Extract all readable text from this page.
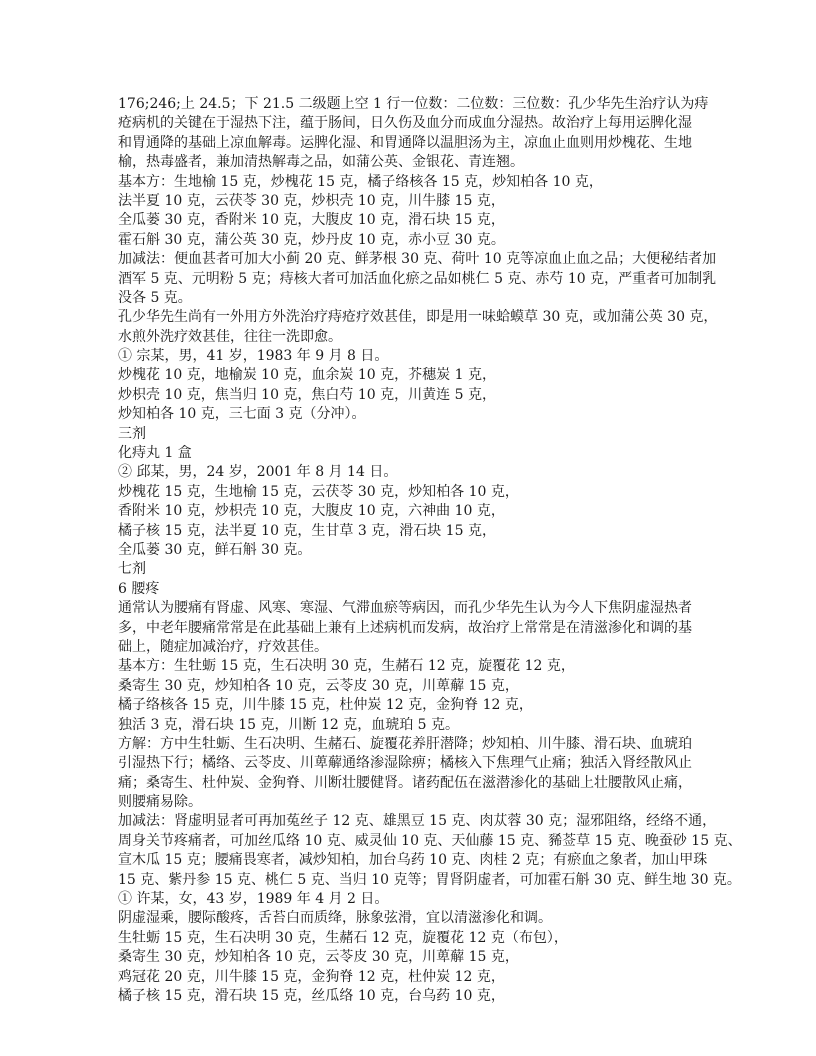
176;246;上 24.5；下 21.5 二级题上空 1 行一位数：二位数：三位数：孔少华先生治疗认为痔
疮病机的关键在于湿热下注，蕴于肠间，日久伤及血分而成血分湿热。故治疗上每用运脾化湿
和胃通降的基础上凉血解毒。运脾化湿、和胃通降以温胆汤为主，凉血止血则用炒槐花、生地
榆，热毒盛者，兼加清热解毒之品，如蒲公英、金银花、青连翘。
基本方：生地榆 15 克，炒槐花 15 克，橘子络核各 15 克，炒知柏各 10 克，
法半夏 10 克，云茯苓 30 克，炒枳壳 10 克，川牛膝 15 克，
全瓜蒌 30 克，香附米 10 克，大腹皮 10 克，滑石块 15 克，
霍石斛 30 克，蒲公英 30 克，炒丹皮 10 克，赤小豆 30 克。
加减法：便血甚者可加大小蓟 20 克、鲜茅根 30 克、荷叶 10 克等凉血止血之品；大便秘结者加
酒军 5 克、元明粉 5 克；痔核大者可加活血化瘀之品如桃仁 5 克、赤芍 10 克，严重者可加制乳
没各 5 克。
孔少华先生尚有一外用方外洗治疗痔疮疗效甚佳，即是用一味蛤蟆草 30 克，或加蒲公英 30 克，
水煎外洗疗效甚佳，往往一洗即愈。
① 宗某，男，41 岁，1983 年 9 月 8 日。
炒槐花 10 克，地榆炭 10 克，血余炭 10 克，芥穗炭 1 克，
炒枳壳 10 克，焦当归 10 克，焦白芍 10 克，川黄连 5 克，
炒知柏各 10 克，三七面 3 克（分冲）。
三剂
化痔丸 1 盒
② 邱某，男，24 岁，2001 年 8 月 14 日。
炒槐花 15 克，生地榆 15 克，云茯苓 30 克，炒知柏各 10 克，
香附米 10 克，炒枳壳 10 克，大腹皮 10 克，六神曲 10 克，
橘子核 15 克，法半夏 10 克，生甘草 3 克，滑石块 15 克，
全瓜蒌 30 克，鲜石斛 30 克。
七剂
6 腰疼
通常认为腰痛有肾虚、风寒、寒湿、气滞血瘀等病因，而孔少华先生认为今人下焦阴虚湿热者
多，中老年腰痛常常是在此基础上兼有上述病机而发病，故治疗上常常是在清滋渗化和调的基
础上，随症加减治疗，疗效甚佳。
基本方：生牡蛎 15 克，生石决明 30 克，生赭石 12 克，旋覆花 12 克，
桑寄生 30 克，炒知柏各 10 克，云苓皮 30 克，川萆薢 15 克，
橘子络核各 15 克，川牛膝 15 克，杜仲炭 12 克，金狗脊 12 克，
独活 3 克，滑石块 15 克，川断 12 克，血琥珀 5 克。
方解：方中生牡蛎、生石决明、生赭石、旋覆花养肝潜降；炒知柏、川牛膝、滑石块、血琥珀
引湿热下行；橘络、云苓皮、川萆薢通络渗湿除痹；橘核入下焦理气止痛；独活入肾经散风止
痛；桑寄生、杜仲炭、金狗脊、川断壮腰健肾。诸药配伍在滋潜渗化的基础上壮腰散风止痛，
则腰痛易除。
加减法：肾虚明显者可再加菟丝子 12 克、雄黑豆 15 克、肉苁蓉 30 克；湿邪阻络，经络不通，
周身关节疼痛者，可加丝瓜络 10 克、威灵仙 10 克、天仙藤 15 克、豨莶草 15 克、晚蚕砂 15 克、
宣木瓜 15 克；腰痛畏寒者，减炒知柏，加台乌药 10 克、肉桂 2 克；有瘀血之象者，加山甲珠
15 克、紫丹参 15 克、桃仁 5 克、当归 10 克等；胃肾阴虚者，可加霍石斛 30 克、鲜生地 30 克。
① 许某，女，43 岁，1989 年 4 月 2 日。
阴虚湿乘，腰际酸疼，舌苔白而质绛，脉象弦滑，宜以清滋渗化和调。
生牡蛎 15 克，生石决明 30 克，生赭石 12 克，旋覆花 12 克（布包），
桑寄生 30 克，炒知柏各 10 克，云苓皮 30 克，川萆薢 15 克，
鸡冠花 20 克，川牛膝 15 克，金狗脊 12 克，杜仲炭 12 克，
橘子核 15 克，滑石块 15 克，丝瓜络 10 克，台乌药 10 克，
